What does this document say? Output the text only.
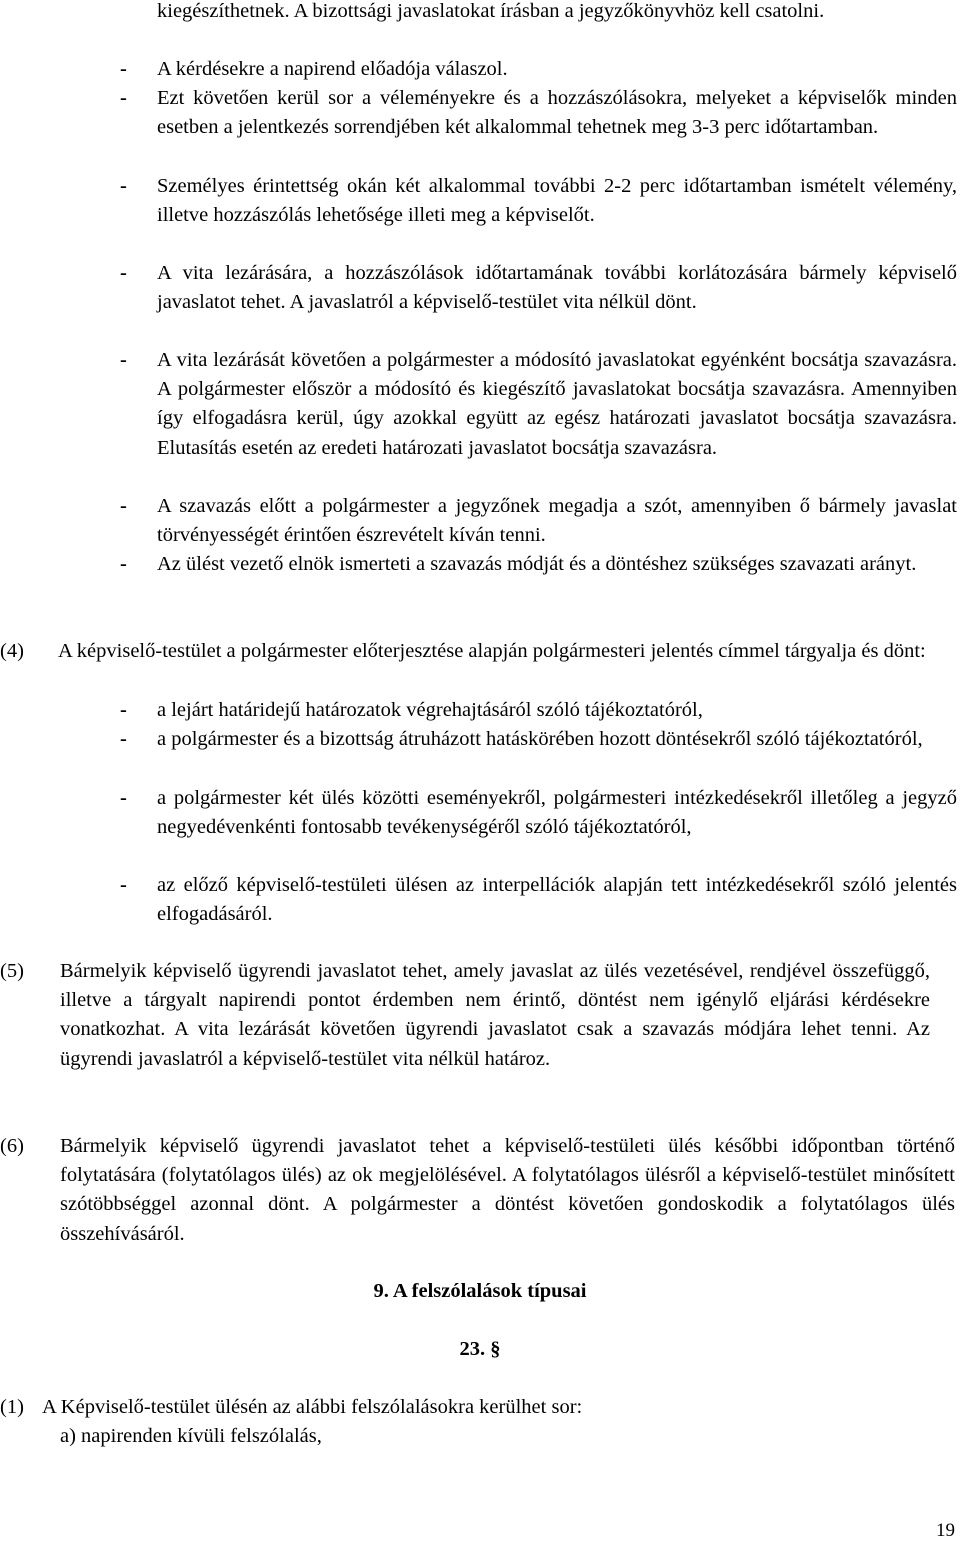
kiegészíthetnek. A bizottsági javaslatokat írásban a jegyzőkönyvhöz kell csatolni.
- A kérdésekre a napirend előadója válaszol.
- Ezt követően kerül sor a véleményekre és a hozzászólásokra, melyeket a képviselők minden esetben a jelentkezés sorrendjében két alkalommal tehetnek meg 3-3 perc időtartamban.
- Személyes érintettség okán két alkalommal további 2-2 perc időtartamban ismételt vélemény, illetve hozzászólás lehetősége illeti meg a képviselőt.
- A vita lezárására, a hozzászólások időtartamának további korlátozására bármely képviselő javaslatot tehet. A javaslatról a képviselő-testület vita nélkül dönt.
- A vita lezárását követően a polgármester a módosító javaslatokat egyénként bocsátja szavazásra. A polgármester először a módosító és kiegészítő javaslatokat bocsátja szavazásra. Amennyiben így elfogadásra kerül, úgy azokkal együtt az egész határozati javaslatot bocsátja szavazásra. Elutasítás esetén az eredeti határozati javaslatot bocsátja szavazásra.
- A szavazás előtt a polgármester a jegyzőnek megadja a szót, amennyiben ő bármely javaslat törvényességét érintően észrevételt kíván tenni.
- Az ülést vezető elnök ismerteti a szavazás módját és a döntéshez szükséges szavazati arányt.
(4) A képviselő-testület a polgármester előterjesztése alapján polgármesteri jelentés címmel tárgyalja és dönt:
- a lejárt határidejű határozatok végrehajtásáról szóló tájékoztatóról,
- a polgármester és a bizottság átruházott hatáskörében hozott döntésekről szóló tájékoztatóról,
- a polgármester két ülés közötti eseményekről, polgármesteri intézkedésekről illetőleg a jegyző negyedévenkénti fontosabb tevékenységéről szóló tájékoztatóról,
- az előző képviselő-testületi ülésen az interpellációk alapján tett intézkedésekről szóló jelentés elfogadásáról.
(5) Bármelyik képviselő ügyrendi javaslatot tehet, amely javaslat az ülés vezetésével, rendjével összefüggő, illetve a tárgyalt napirendi pontot érdemben nem érintő, döntést nem igénylő eljárási kérdésekre vonatkozhat. A vita lezárását követően ügyrendi javaslatot csak a szavazás módjára lehet tenni. Az ügyrendi javaslatról a képviselő-testület vita nélkül határoz.
(6) Bármelyik képviselő ügyrendi javaslatot tehet a képviselő-testületi ülés későbbi időpontban történő folytatására (folytatólagos ülés) az ok megjelölésével. A folytatólagos ülésről a képviselő-testület minősített szótöbbséggel azonnal dönt. A polgármester a döntést követően gondoskodik a folytatólagos ülés összehívásáról.
9. A felszólalások típusai
23. §
(1) A Képviselő-testület ülésén az alábbi felszólalásokra kerülhet sor:
a) napirenden kívüli felszólalás,
19
